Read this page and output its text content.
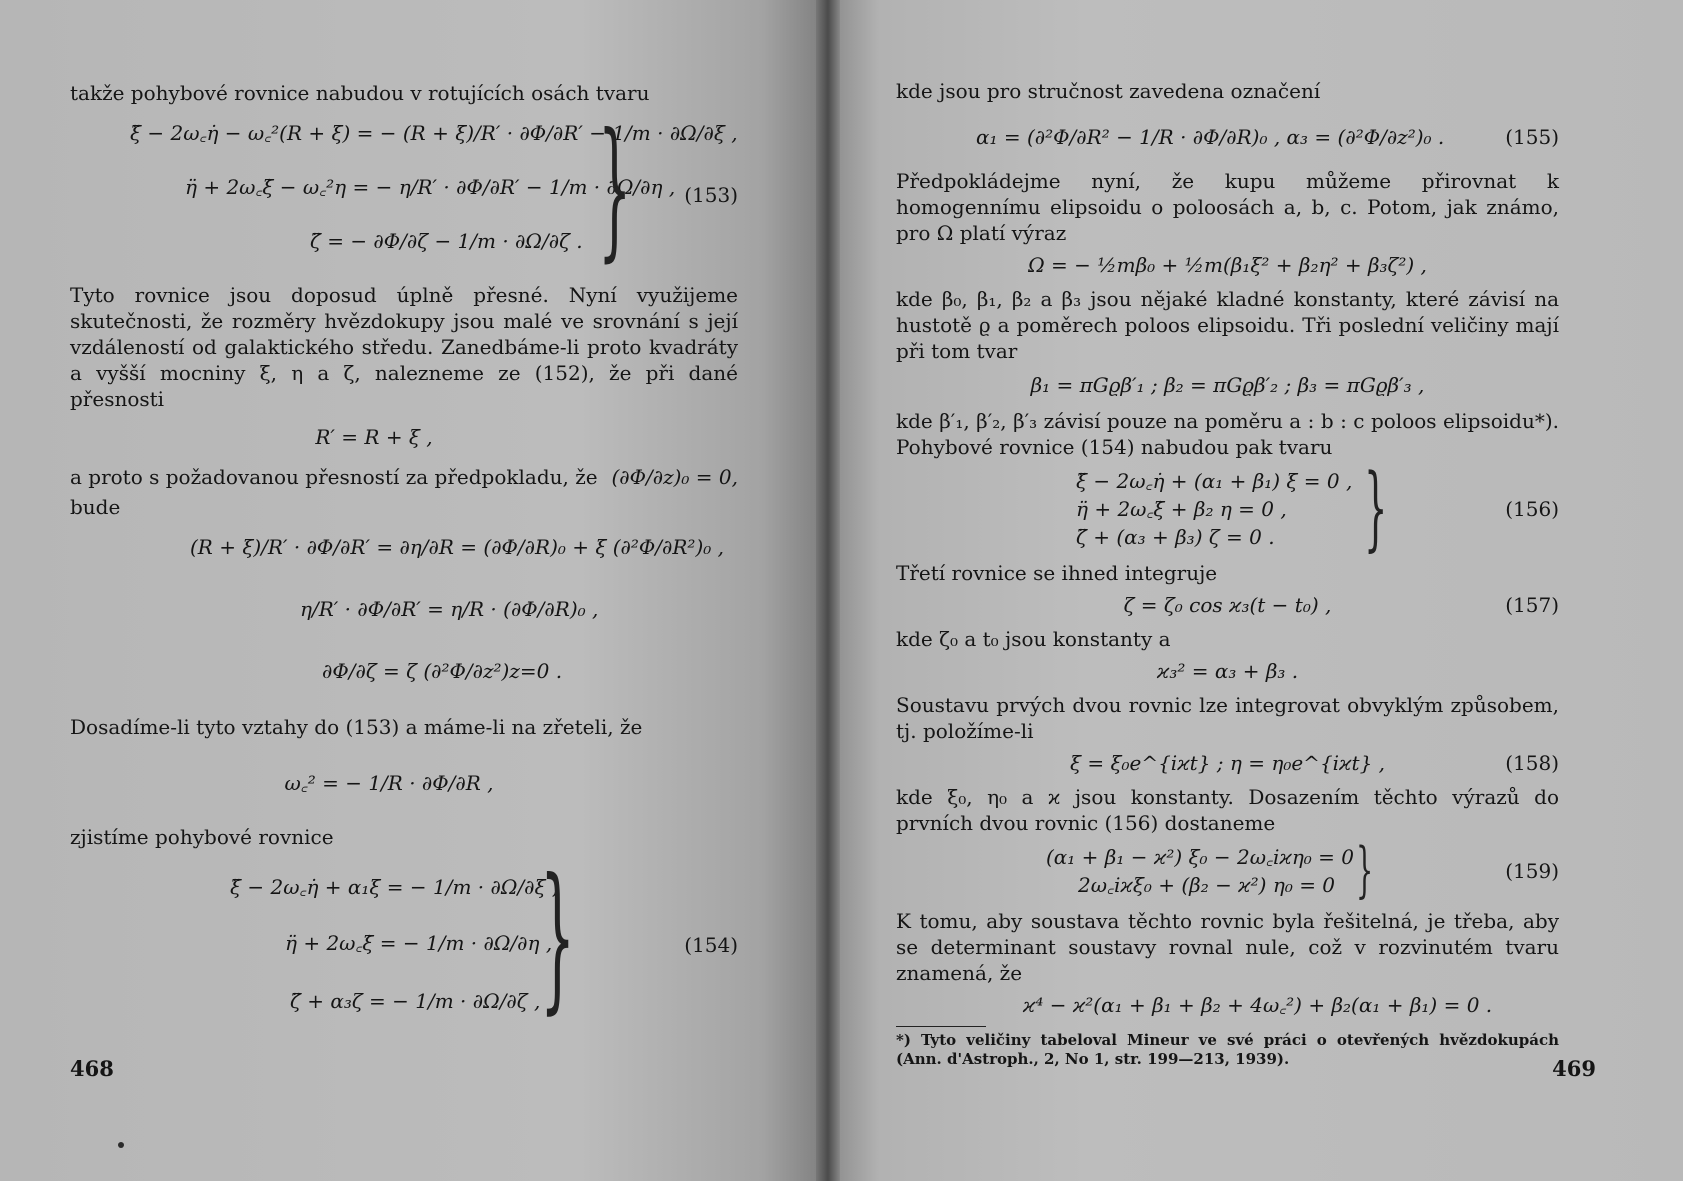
takže pohybové rovnice nabudou v rotujících osách tvaru

ξ̈ − 2ω꜀η̇ − ω꜀²(R + ξ) = − (R + ξ)/R′ · ∂Φ/∂R′ − 1/m · ∂Ω/∂ξ ,
η̈ + 2ω꜀ξ̇ − ω꜀²η = − η/R′ · ∂Φ/∂R′ − 1/m · ∂Ω/∂η ,
ζ̈ = − ∂Φ/∂ζ − 1/m · ∂Ω/∂ζ . }	(153)

Tyto rovnice jsou doposud úplně přesné. Nyní využijeme skutečnosti, že rozměry hvězdokupy jsou malé ve srovnání s její vzdáleností od galaktického středu. Zanedbáme-li proto kvadráty a vyšší mocniny ξ, η a ζ, nalezneme ze (152), že při dané přesnosti

R′ = R + ξ ,
a proto s požadovanou přesností za předpokladu, že (∂Φ/∂z)₀ = 0,

bude

(R + ξ)/R′ · ∂Φ/∂R′ = ∂η/∂R = (∂Φ/∂R)₀ + ξ (∂²Φ/∂R²)₀ ,
η/R′ · ∂Φ/∂R′ = η/R · (∂Φ/∂R)₀ ,
∂Φ/∂ζ = ζ (∂²Φ/∂z²)z=0 .

Dosadíme-li tyto vztahy do (153) a máme-li na zřeteli, že

ω꜀² = − 1/R · ∂Φ/∂R ,

zjistíme pohybové rovnice

ξ̈ − 2ω꜀η̇ + α₁ξ = − 1/m · ∂Ω/∂ξ ,
η̈ + 2ω꜀ξ̇ = − 1/m · ∂Ω/∂η ,
ζ̈ + α₃ζ = − 1/m · ∂Ω/∂ζ , }	(154)
468

kde jsou pro stručnost zavedena označení

α₁ = (∂²Φ/∂R² − 1/R · ∂Φ/∂R)₀ , α₃ = (∂²Φ/∂z²)₀ .	(155)

Předpokládejme nyní, že kupu můžeme přirovnat k homogennímu elipsoidu o poloosách a, b, c. Potom, jak známo, pro Ω platí výraz

Ω = − ½mβ₀ + ½m(β₁ξ² + β₂η² + β₃ζ²) ,

kde β₀, β₁, β₂ a β₃ jsou nějaké kladné konstanty, které závisí na hustotě ϱ a poměrech poloos elipsoidu. Tři poslední veličiny mají při tom tvar

β₁ = πGϱβ′₁ ; β₂ = πGϱβ′₂ ; β₃ = πGϱβ′₃ ,

kde β′₁, β′₂, β′₃ závisí pouze na poměru a : b : c poloos elipsoidu*). Pohybové rovnice (154) nabudou pak tvaru

ξ̈ − 2ω꜀η̇ + (α₁ + β₁) ξ = 0 ,
η̈ + 2ω꜀ξ̇ + β₂ η = 0 ,
ζ̈ + (α₃ + β₃) ζ = 0 . }	(156)

Třetí rovnice se ihned integruje

ζ = ζ₀ cos ϰ₃(t − t₀) ,	(157)

kde ζ₀ a t₀ jsou konstanty a

ϰ₃² = α₃ + β₃ .

Soustavu prvých dvou rovnic lze integrovat obvyklým způsobem, tj. položíme-li

ξ = ξ₀e^{iϰt} ; η = η₀e^{iϰt} ,	(158)

kde ξ₀, η₀ a ϰ jsou konstanty. Dosazením těchto výrazů do prvních dvou rovnic (156) dostaneme

(α₁ + β₁ − ϰ²) ξ₀ − 2ω꜀iϰη₀ = 0
2ω꜀iϰξ₀ + (β₂ − ϰ²) η₀ = 0 }	(159)

K tomu, aby soustava těchto rovnic byla řešitelná, je třeba, aby se determinant soustavy rovnal nule, což v rozvinutém tvaru znamená, že

ϰ⁴ − ϰ²(α₁ + β₁ + β₂ + 4ω꜀²) + β₂(α₁ + β₁) = 0 .

*) Tyto veličiny tabeloval Mineur ve své práci o otevřených hvězdokupách (Ann. d'Astroph., 2, No 1, str. 199—213, 1939).	469
